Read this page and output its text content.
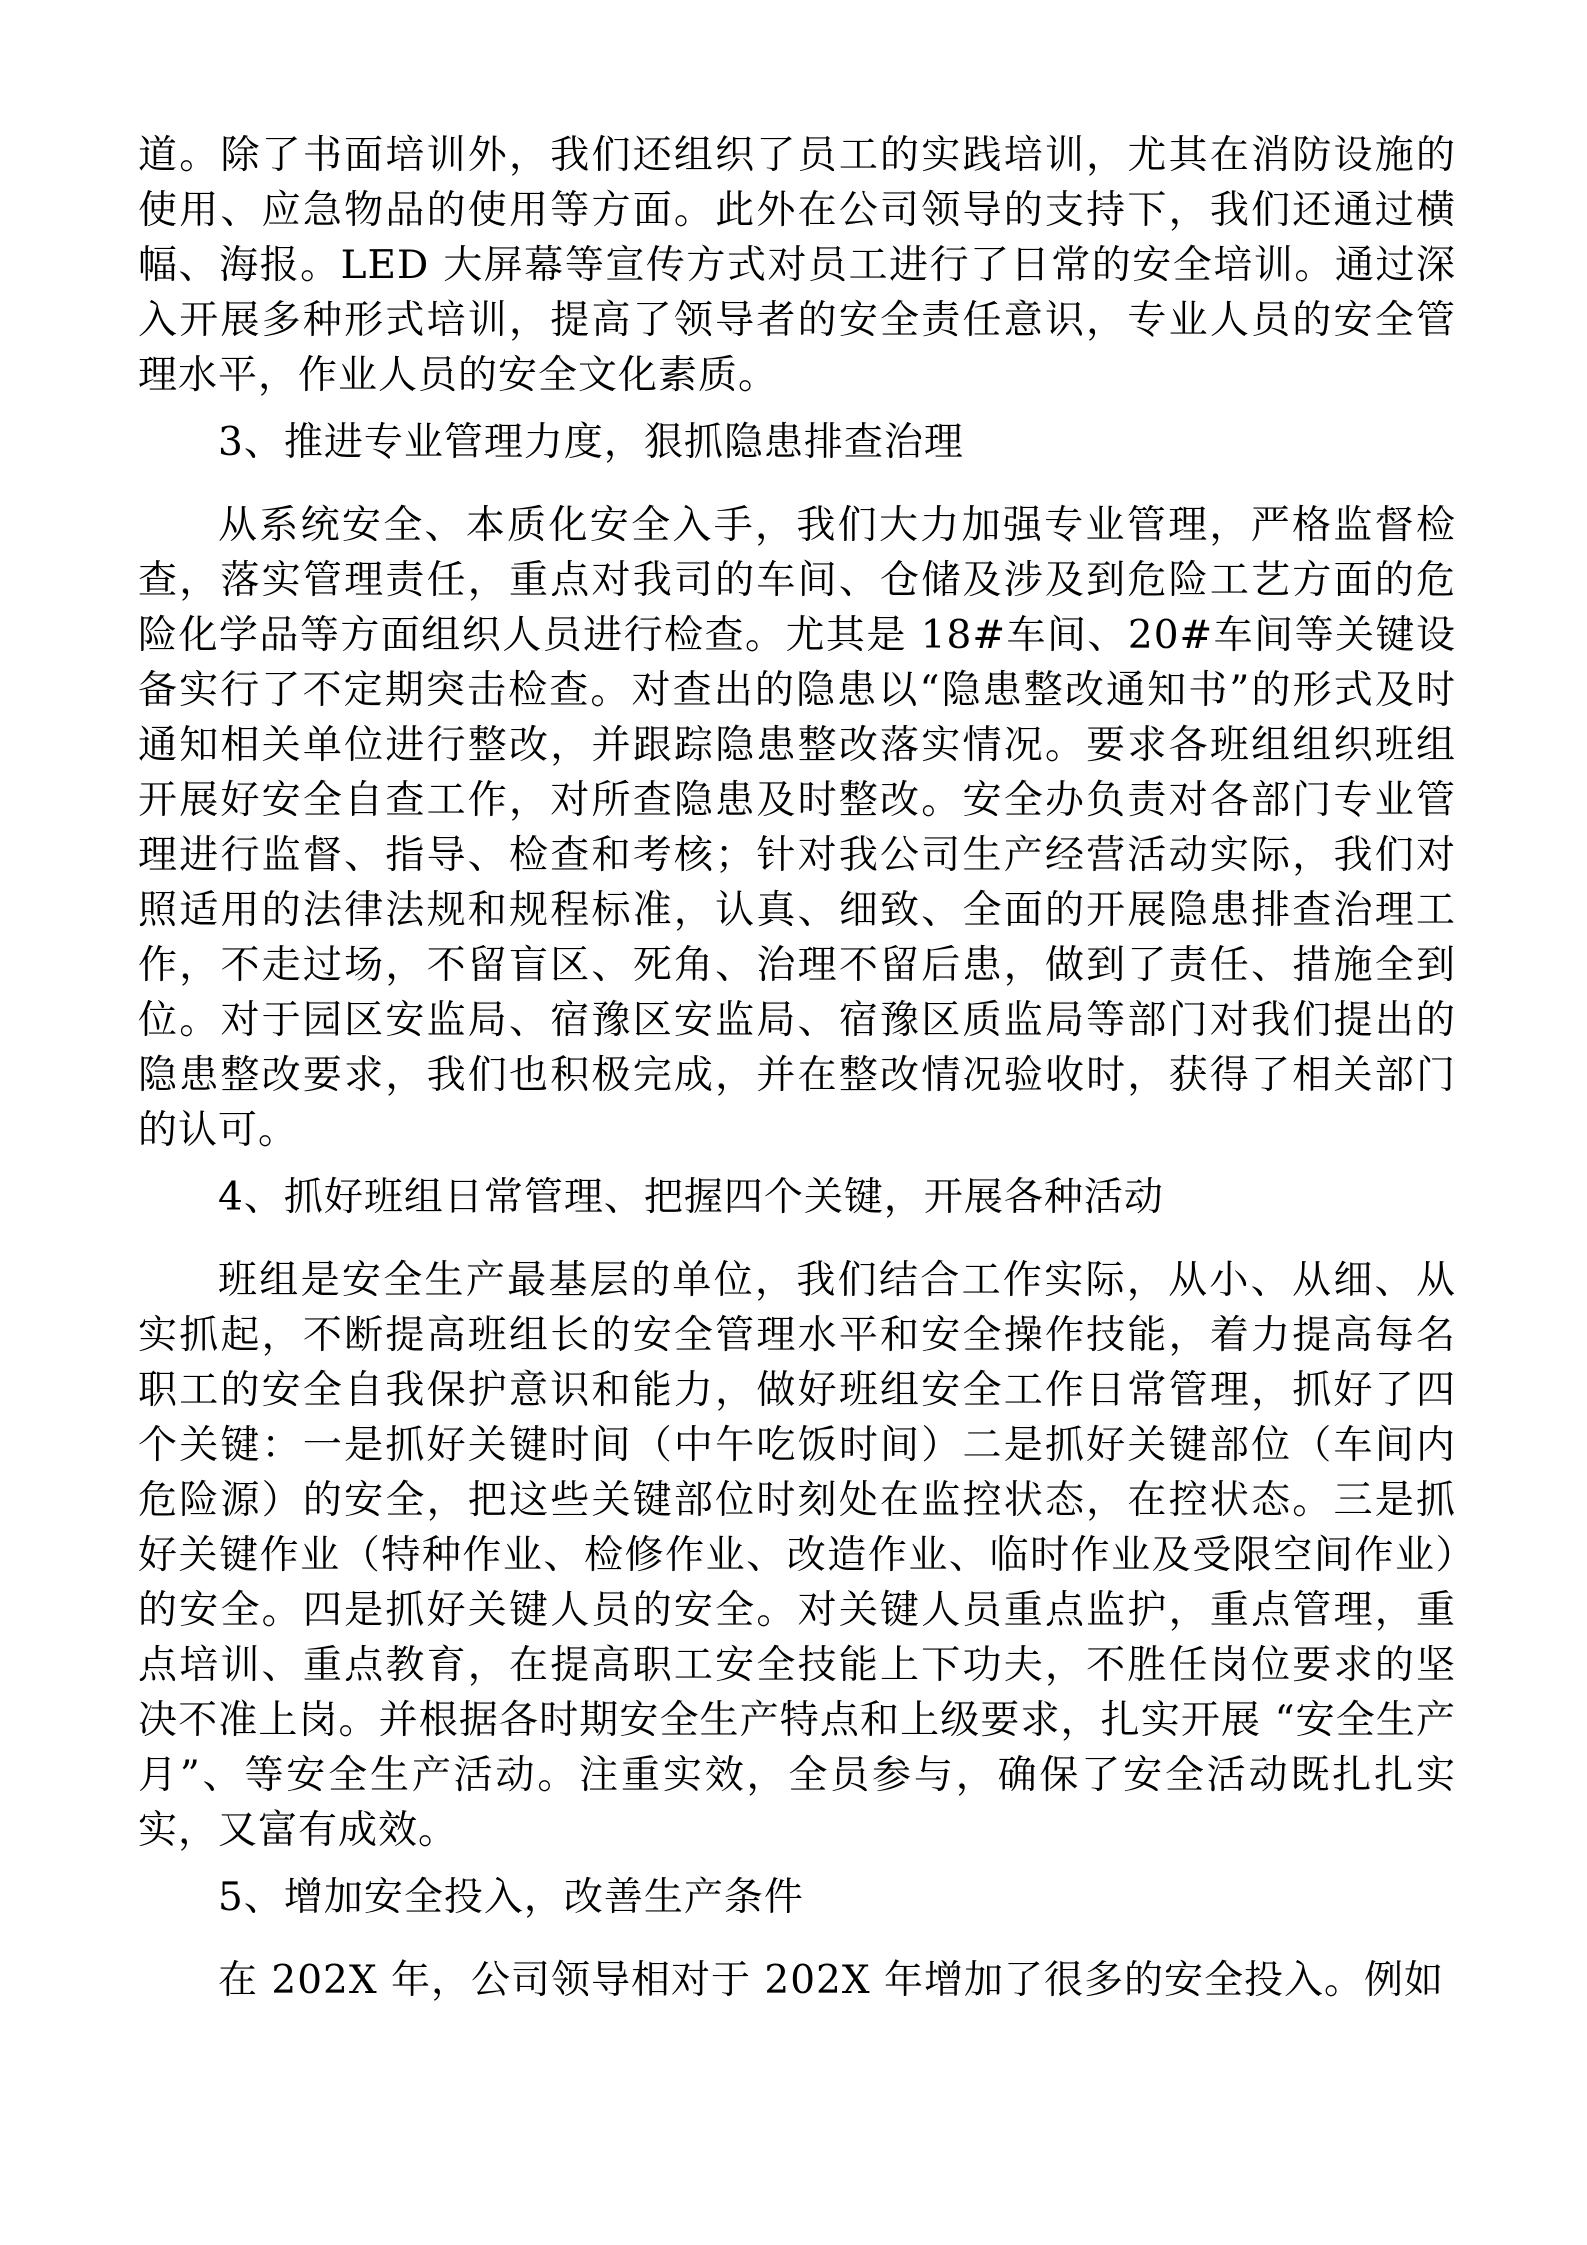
道。除了书面培训外，我们还组织了员工的实践培训，尤其在消防设施的使用、应急物品的使用等方面。此外在公司领导的支持下，我们还通过横幅、海报。LED 大屏幕等宣传方式对员工进行了日常的安全培训。通过深入开展多种形式培训，提高了领导者的安全责任意识，专业人员的安全管理水平，作业人员的安全文化素质。

3、推进专业管理力度，狠抓隐患排查治理

从系统安全、本质化安全入手，我们大力加强专业管理，严格监督检查，落实管理责任，重点对我司的车间、仓储及涉及到危险工艺方面的危险化学品等方面组织人员进行检查。尤其是 18#车间、20#车间等关键设备实行了不定期突击检查。对查出的隐患以“隐患整改通知书”的形式及时通知相关单位进行整改，并跟踪隐患整改落实情况。要求各班组组织班组开展好安全自查工作，对所查隐患及时整改。安全办负责对各部门专业管理进行监督、指导、检查和考核；针对我公司生产经营活动实际，我们对照适用的法律法规和规程标准，认真、细致、全面的开展隐患排查治理工作，不走过场，不留盲区、死角、治理不留后患，做到了责任、措施全到位。对于园区安监局、宿豫区安监局、宿豫区质监局等部门对我们提出的隐患整改要求，我们也积极完成，并在整改情况验收时，获得了相关部门的认可。

4、抓好班组日常管理、把握四个关键，开展各种活动

班组是安全生产最基层的单位，我们结合工作实际，从小、从细、从实抓起，不断提高班组长的安全管理水平和安全操作技能，着力提高每名职工的安全自我保护意识和能力，做好班组安全工作日常管理，抓好了四个关键：一是抓好关键时间（中午吃饭时间）二是抓好关键部位（车间内危险源）的安全，把这些关键部位时刻处在监控状态，在控状态。三是抓好关键作业（特种作业、检修作业、改造作业、临时作业及受限空间作业）的安全。四是抓好关键人员的安全。对关键人员重点监护，重点管理，重点培训、重点教育，在提高职工安全技能上下功夫，不胜任岗位要求的坚决不准上岗。并根据各时期安全生产特点和上级要求，扎实开展 “安全生产月”、等安全生产活动。注重实效，全员参与，确保了安全活动既扎扎实实，又富有成效。

5、增加安全投入，改善生产条件

在 202X 年，公司领导相对于 202X 年增加了很多的安全投入。例如
